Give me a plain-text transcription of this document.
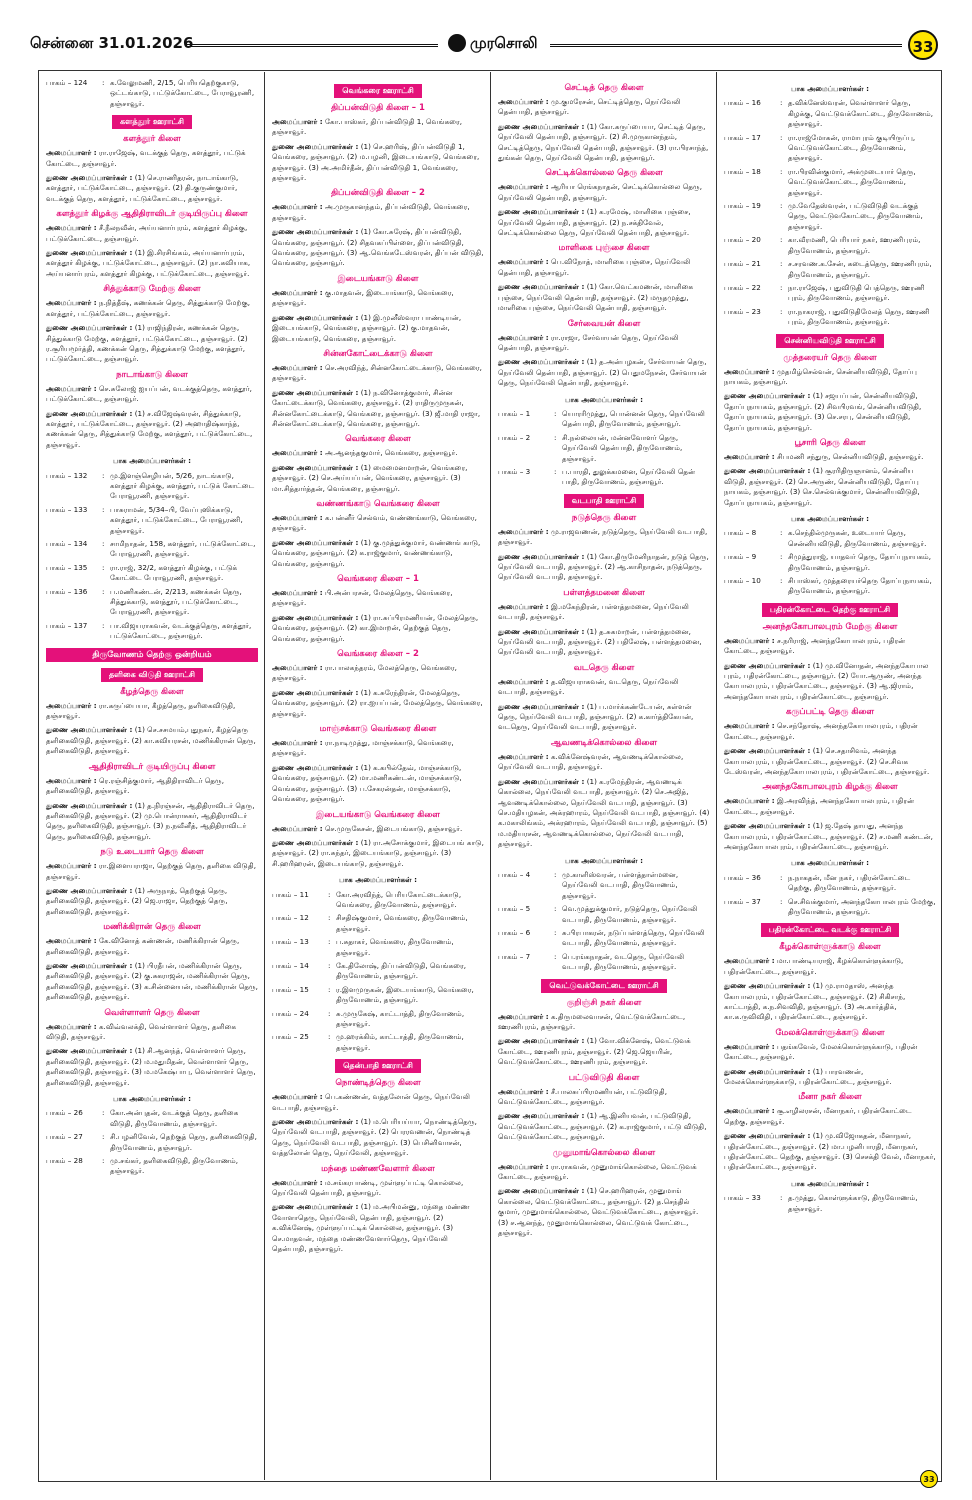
சென்னை 31.01.2026	முரசொலி	33
பாகம் – 124	: க.வேலுமணி, 2/15, பெரியதெற்குகாடு, ஒட்டங்காடு, பட்டுக்கோட்டை, பேராவூரணி, தஞ்சாவூர்.
களத்தூர் ஊராட்சி
களத்தூர் கிளை
அமைப்பாளர் : ரா.ராஜேஷ், வடக்குத் தெரு, களத்தூர், பட்டுக் கோட்டை, தஞ்சாவூர்.
துணை அமைப்பாளர்கள் : (1) செ.ராணிதரன், நாடாங்காடு, களத்தூர், பட்டுக்கோட்டை, தஞ்சாவூர். (2) தி.குருண்குமார், வடக்குத் தெரு, களத்தூர், பட்டுக்கோட்டை, தஞ்சாவூர்.
களத்தூர் கிழக்கு ஆதிதிராவிடர் குடியிருப்பு கிளை
அமைப்பாளர் : சீ.நீலநவீன், அய்யனார்புரம், களத்தூர் கிழக்கு, பட்டுக்கோட்டை, தஞ்சாவூர்.
துணை அமைப்பாளர்கள் : (1) இ.சிரசிங்கம், அய்யனார்புரம், களத்தூர் கிழக்கு, பட்டுக்கோட்டை, தஞ்சாவூர். (2) நா.கவியாக, அய்யனார்புரம், களத்தூர் கிழக்கு, பட்டுக்கோட்டை, தஞ்சாவூர்.
சித்துக்காடு மேற்கு கிளை
அமைப்பாளர் : ந.நித்தீஷ், கணக்கன் தெரு, சித்துக்காடு மேற்கு, களத்தூர், பட்டுக்கோட்டை, தஞ்சாவூர்.
துணை அமைப்பாளர்கள் : (1) ராஜிந்திரன், கணக்கன் தெரு, சித்துக்காடு மேற்கு, களத்தூர், பட்டுக்கோட்டை, தஞ்சாவூர். (2) ர.சூரியமூர்த்தி, கணக்கன் தெரு, சித்துக்காடு மேற்கு, களத்தூர், பட்டுக்கோட்டை, தஞ்சாவூர்.
நாடாங்காடு கிளை
அமைப்பாளர் : செ.சுலோஜ் ஐயப்பன், வடக்குத்தெரு, களத்தூர், பட்டுக்கோட்டை, தஞ்சாவூர்.
துணை அமைப்பாளர்கள் : (1) ச.விஜேஷ்வரன், சித்துக்காடு, களத்தூர், பட்டுக்கோட்டை, தஞ்சாவூர். (2) அஹாதிஷ்காந்த், கணக்கன் தெரு, சித்துக்காடு மேற்கு, களத்தூர், பட்டுக்கோட்டை, தஞ்சாவூர்.
பாக அமைப்பாளர்கள் :
பாகம் – 132	: மு.இளஞ்செழியன், 5/26, நாடங்காடு, களத்தூர் கிழக்கு, களத்தூர், பட்டுக் கோட்டை பேராவூரணி, தஞ்சாவூர்.
பாகம் – 133	: பாசுராமன், 5/34–பி, வேப்புஸிக்காடு, களத்தூர், பட்டுக்கோட்டை, பேராவூரணி, தஞ்சாவூர்.
பாகம் – 134	: சாமிநாதன், 158, களத்தூர், பட்டுக்கோட்டை, பேராவூரணி, தஞ்சாவூர்.
பாகம் – 135	: ரா.ராஜ், 32/2, களத்தூர் கிழக்கு, பட்டுக் கோட்டை பேராவூரணி, தஞ்சாவூர்.
பாகம் – 136	: ப.மணிகண்டன், 2/213, கணக்கன் தெரு, சித்துக்காடு, களத்தூர், பட்டுக்கோட்டை, பேராவூரணி, தஞ்சாவூர்.
பாகம் – 137	: பா.விஜயராகவன், வடக்குத்தெரு, களத்தூர், பட்டுக்கோட்டை, தஞ்சாவூர்.
திருவோணம் தெற்கு ஒன்றியம்
தளிகை விடுதி ஊராட்சி
கீழத்தெரு கிளை
அமைப்பாளர் : ரா.கருப்பையா, கீழத்தெரு, தளிகைவிடுதி, தஞ்சாவூர்.
துணை அமைப்பாளர்கள் : (1) செ.சசமயம்,புதுநகர், கீழத்தெரு தளிகைவிடுதி, தஞ்சாவூர். (2) கா.கவியரசன், மணிக்கிரான் தெரு, தளிகைவிடுதி, தஞ்சாவூர்.
ஆதிதிராவிடர் குடியிருப்பு கிளை
அமைப்பாளர் : ரெ.ரஞ்சித்குமார், ஆதிதிராவிடர் தெரு, தளிகைவிடுதி, தஞ்சாவூர்.
துணை அமைப்பாளர்கள் : (1) த.நிரஞ்சன், ஆதிதிராவிடர் தெரு, தளிகைவிடுதி, தஞ்சாவூர். (2) மு.பொன்ராசுகர், ஆதிதிராவிடர் தெரு, தளிகைவிடுதி, தஞ்சாவூர். (3) ந.நவீனீத், ஆதிதிராவிடர் தெரு, தளிகைவிடுதி, தஞ்சாவூர்.
நடு உடையார் தெரு கிளை
அமைப்பாளர் : ரா.இளையராஜா, தெற்குத் தெரு, தளிகை விடுதி, தஞ்சாவூர்.
துணை அமைப்பாளர்கள் : (1) அருநாத், தெற்குத் தெரு, தளிகைவிடுதி, தஞ்சாவூர். (2) ஜெ.ராஜா, தெற்குத் தெரு, தளிகைவிடுதி, தஞ்சாவூர்.
மணிக்கிரான் தெரு கிளை
அமைப்பாளர் : கே.வினோத் கண்ணன், மணிக்கிரான் தெரு, தளிகைவிடுதி, தஞ்சாவூர்.
துணை அமைப்பாளர்கள் : (1) பிரதீபன், மணிக்கிரான் தெரு, தளிகைவிடுதி, தஞ்சாவூர். (2) கு.சுகராஜன், மணிக்கிரான் தெரு, தளிகைவிடுதி, தஞ்சாவூர். (3) க.சின்னையன், மணிக்கிரான் தெரு, தளிகைவிடுதி, தஞ்சாவூர்.
வெள்ளாளர் தெரு கிளை
அமைப்பாளர் : க.விவ்வலக்தி, வெள்ளாளர் தெரு, தளிகை விடுதி, தஞ்சாவூர்.
துணை அமைப்பாளர்கள் : (1) சி.ஆனந்த், வெள்ளாளர் தெரு, தளிகைவிடுதி, தஞ்சாவூர். (2) ம.மதுமிதன், வெள்ளாளர் தெரு, தளிகைவிடுதி, தஞ்சாவூர். (3) ம.மகேஷ்பாபு, வெள்ளாளர் தெரு, தளிகைவிடுதி, தஞ்சாவூர்.
பாக அமைப்பாளர்கள் :
பாகம் – 26	: கோ.அன்புதன், வடக்குத் தெரு, தளிகை விடுதி, திருவோணம், தஞ்சாவூர்.
பாகம் – 27	: சி.பழனிவேல், தெற்குத் தெரு, தளிகைவிடுதி, திருவோணம், தஞ்சாவூர்.
பாகம் – 28	: மு.சங்கர், தளிகைவிடுதி, திருவோணம், தஞ்சாவூர்.
வெங்கரை ஊராட்சி
திப்பன்விடுதி கிளை – 1
அமைப்பாளர் : கோ.பாஸ்கர், திப்பன்விடுதி 1, வெங்கரை, தஞ்சாவூர்.
துணை அமைப்பாளர்கள் : (1) செ.ஹரிஷ், திப்பன்விடுதி 1, வெங்கரை, தஞ்சாவூர். (2) ம.பழனி, இடையங்காடு, வெங்கரை, தஞ்சாவூர். (3) அ.அமிர்தீன், திப்பன்விடுதி 1, வெங்கரை, தஞ்சாவூர்.
திப்பன்விடுதி கிளை – 2
அமைப்பாளர் : அ.முருகானந்தம், திப்பன்விடுதி, வெங்கரை, தஞ்சாவூர்.
துணை அமைப்பாளர்கள் : (1) கோ.சுரேஷ், திப்பன்விடுதி, வெங்கரை, தஞ்சாவூர். (2) சிதவகப்பிள்ளை, திப்பன்விடுதி, வெங்கரை, தஞ்சாவூர். (3) ஆ.வெங்கடேஸ்வரன், திப்பன் விடுதி, வெங்கரை, தஞ்சாவூர்.
இடையங்காடு கிளை
அமைப்பாளர் : கு.மாதவன், இடையங்காடு, வெங்கரை, தஞ்சாவூர்.
துணை அமைப்பாளர்கள் : (1) இ.முனீஸ்வரா பாண்டியன், இடையங்காடு, வெங்கரை, தஞ்சாவூர். (2) கு.மாதவன், இடையங்காடு, வெங்கரை, தஞ்சாவூர்.
சின்னகோட்டைக்காடு கிளை
அமைப்பாளர் : செ.அரவிந்த், சின்னகோட்டைக்காடு, வெங்கரை, தஞ்சாவூர்.
துணை அமைப்பாளர்கள் : (1) ந.வினோத்குமார், சின்ன கோட்டைக்காடு, வெங்கரை, தஞ்சாவூர். (2) ராதிருமுருகன், சின்னகோட்டைக்காடு, வெங்கரை, தஞ்சாவூர். (3) ஜீ.மாதி ராஜா, சின்னகோட்டைக்காடு, வெங்கரை, தஞ்சாவூர்.
வெங்கரை கிளை
அமைப்பாளர் : அ.ஆனந்தகுமார், வெங்கரை, தஞ்சாவூர்.
துணை அமைப்பாளர்கள் : (1) மைமைனமாறன், வெங்கரை, தஞ்சாவூர். (2) செ.அய்யப்பன், வெங்கரை, தஞ்சாவூர். (3) மா.சித்தார்த்தன், வெங்கரை, தஞ்சாவூர்.
வண்ணங்காடு வெங்கரை கிளை
அமைப்பாளர் : க.பன்னீர் செல்வம், வண்ணங்காடு, வெங்கரை, தஞ்சாவூர்.
துணை அமைப்பாளர்கள் : (1) கு.முத்துக்குமார், வண்ணங் காடு, வெங்கரை, தஞ்சாவூர். (2) க.ராஜ்குமார், வண்ணங்காடு, வெங்கரை, தஞ்சாவூர்.
வெங்கரை கிளை – 1
அமைப்பாளர் : பி.அன்பரசன், மேலத்தெரு, வெங்கரை, தஞ்சாவூர்.
துணை அமைப்பாளர்கள் : (1) ரா.சுப்பிரமணியன், மேலத்தெரு, வெங்கரை, தஞ்சாவூர். (2) கா.இமாறன், தெற்குத் தெரு, வெங்கரை, தஞ்சாவூர்.
வெங்கரை கிளை – 2
அமைப்பாளர் : ரா.பாலகந்தரம், மேலத்தெரு, வெங்கரை, தஞ்சாவூர்.
துணை அமைப்பாளர்கள் : (1) க.சுரேந்திரன், மேலத்தெரு, வெங்கரை, தஞ்சாவூர். (2) ரா.ஐயப்பன், மேலத்தெரு, வெங்கரை, தஞ்சாவூர்.
மாஞ்சக்காடு வெங்கரை கிளை
அமைப்பாளர் : ரா.நாடிமுத்து, மாஞ்சக்காடு, வெங்கரை, தஞ்சாவூர்.
துணை அமைப்பாளர்கள் : (1) க.கபில்தேவ், மாஞ்சக்காடு, வெங்கரை, தஞ்சாவூர். (2) மா.மணிகண்டன், மாஞ்சக்காடு, வெங்கரை, தஞ்சாவூர். (3) ப.சேகரன்தன், மாஞ்சக்காடு, வெங்கரை, தஞ்சாவூர்.
இடையங்காடு வெங்கரை கிளை
அமைப்பாளர் : செ.முருகேசன், இடையங்காடு, தஞ்சாவூர்.
துணை அமைப்பாளர்கள் : (1) ரா.அசோக்குமார், இடையங் காடு, தஞ்சாவூர். (2) ரா.சுந்தர், இடையங்காடு, தஞ்சாவூர். (3) சி.ஹரிஹரன், இடையங்காடு, தஞ்சாவூர்.
பாக அமைப்பாளர்கள் :
பாகம் – 11	: கோ.அரவிந்த், பெரியகோட்டைக்காடு, வெங்கரை, திருவோணம், தஞ்சாவூர்.
பாகம் – 12	: சிசதிஷ்குமார், வெங்கரை, திருவோணம், தஞ்சாவூர்.
பாகம் – 13	: ப.சுதாகர், வெங்கரை, திருவோணம், தஞ்சாவூர்.
பாகம் – 14	: கே.திலோஷ், திப்பன்விடுதி, வெங்கரை, திருவோணம், தஞ்சாவூர்.
பாகம் – 15	: ர.இளமுருகன், இடையங்காடு, வெங்கரை, திருவோணம், தஞ்சாவூர்.
பாகம் – 24	: சு.முருகேஷ், காட்டாத்தி, திருவோணம், தஞ்சாவூர்.
பாகம் – 25	: மு.ஹரக்கிம், காட்டாத்தி, திருவோணம், தஞ்சாவூர்.
தென்பாதி ஊராட்சி
நொண்டித்தெரு கிளை
அமைப்பாளர் : பெ.கண்ணன், வத்தலோன் தெரு, நெய்வேலி வடபாதி, தஞ்சாவூர்.
துணை அமைப்பாளர்கள் : (1) ம.பெரியய்யா, நொண்டித்தெரு, நெய்வேலி வடபாதி, தஞ்சாவூர். (2) பெரரவணன், நொண்டித் தெரு, நெய்வேலி வடபாதி, தஞ்சாவூர். (3) பெசினிவாசன், வத்தலோன் தெரு, நெய்வேலி, தஞ்சாவூர்.
மந்தை மண்ணவேளார் கிளை
அமைப்பாளர் : ம.சங்கரபாண்டி, முள்ளுப்பட்டி கொல்லை, நெய்வேலி தென்பாதி, தஞ்சாவூர்.
துணை அமைப்பாளர்கள் : (1) ம.அபிமன்னு, மந்தை மண்ண வோளாதெரு, நெய்வேலி, தென்பாதி, தஞ்சாவூர். (2) க.விக்னேஷ், முள்ளுப்பட்டிக் கொல்லை, தஞ்சாவூர். (3) செ.மாதவன், மந்தை மண்ணவேளார்தெரு, நெய்வேலி தென்பாதி, தஞ்சாவூர்.
செட்டித் தெரு கிளை
அமைப்பாளர் : மு.குமரேசன், செட்டித்தெரு, நெய்வேலி தென்பாதி, தஞ்சாவூர்.
துணை அமைப்பாளர்கள் : (1) கோ.கருப்பையா, செட்டித் தெரு, நெய்வேலி தென்பாதி, தஞ்சாவூர். (2) சி.முருகானந்தம், செட்டித்தெரு, நெய்வேலி தென்பாதி, தஞ்சாவூர். (3) ரா.பிரசாந்த், துங்கன் தெரு, நெய்வேலி தென்பாதி, தஞ்சாவூர்.
செட்டிக்கொல்லை தெரு கிளை
அமைப்பாளர் : ஆரியா ரெங்கநாதன், செட்டிக்கொல்லை தெரு, நெய்வேலி தென்பாதி, தஞ்சாவூர்.
துணை அமைப்பாளர்கள் : (1) க.ரமேஷ், மாளிகை புஞ்சை, நெய்வேலி தென்பாதி, தஞ்சாவூர். (2) ந.சக்திவேல், செட்டிக்கொல்லை தெரு, நெய்வேலி தென்பாதி, தஞ்சாவூர்.
மாளிகை புஞ்சை கிளை
அமைப்பாளர் : பெ.விநோத், மாளிகை புஞ்சை, நெய்வேலி தென்பாதி, தஞ்சாவூர்.
துணை அமைப்பாளர்கள் : (1) கோ.வெட்கமணன், மாளிகை புஞ்சை, நெய்வேலி தென்பாதி, தஞ்சாவூர். (2) மருதமுத்து, மாளிகை புஞ்சை, நெய்வேலி தென்பாதி, தஞ்சாவூர்.
சேர்வையன் கிளை
அமைப்பாளர் : ரா.ராஜா, சேர்வாயன் தெரு, நெய்வேலி தென்பாதி, தஞ்சாவூர்.
துணை அமைப்பாளர்கள் : (1) த.அன்பழகன், சேர்வாயன் தெரு, நெய்வேலி தென்பாதி, தஞ்சாவூர். (2) பெதுமநேசன், சேர்வாயன் தெரு, நெய்வேலி தென்பாதி, தஞ்சாவூர்.
பாக அமைப்பாளர்கள் :
பாகம் – 1	: யொரரிமுத்து, பொன்னன் தெரு, நெய்வேலி தென்பாதி, திருவோணம், தஞ்சாவூர்.
பாகம் – 2	: சி.நல்லையன், மன்னவோளர் தெரு, நெய்வேலி தென்பாதி, திருவோணம், தஞ்சாவூர்.
பாகம் – 3	: ப.பாரதி, துலுக்கமனை, நெய்வேலி தென் பாதி, திருவோணம், தஞ்சாவூர்.
வடபாதி ஊராட்சி
நடுத்தெரு கிளை
அமைப்பாளர் : மு.ராஜவணன், நடுத்தெரு, நெய்வேலி வடபாதி, தஞ்சாவூர்.
துணை அமைப்பாளர்கள் : (1) கோ.திருமேனிநாதன், நடுத் தெரு, நெய்வேலி வடபாதி, தஞ்சாவூர். (2) ஆ.காசிநாதன், நடுத்தெரு, நெய்வேலி வடபாதி, தஞ்சாவூர்.
பள்ளத்தமனை கிளை
அமைப்பாளர் : இ.மகேந்திரன், பள்ளத்தமனை, நெய்வேலி வடபாதி, தஞ்சாவூர்.
துணை அமைப்பாளர்கள் : (1) த.சுகமாறன், பள்ளத்தமனை, நெய்வேலி வடபாதி, தஞ்சாவூர். (2) பதிலேஷ், பள்ளத்தமனை, நெய்வேலி வடபாதி, தஞ்சாவூர்.
வடதெரு கிளை
அமைப்பாளர் : த.விஜயராகவன், வடதெரு, நெய்வேலி வடபாதி, தஞ்சாவூர்.
துணை அமைப்பாளர்கள் : (1) ப.மார்க்கண்டேயன், சுள்ளன் தெரு, நெய்வேலி வடபாதி, தஞ்சாவூர். (2) க.கார்த்திகேயன், வடதெரு, நெய்வேலி வடபாதி, தஞ்சாவூர்.
ஆவணடிக்கொல்லை கிளை
அமைப்பாளர் : க.விக்னேஷ்வரன், ஆவணடிக்கொல்லை, நெய்வேலி வடபாதி, தஞ்சாவூர்.
துணை அமைப்பாளர்கள் : (1) க.ரமேந்திரன், ஆவணடிக் கொல்லை, நெய்வேலி வடபாதி, தஞ்சாவூர். (2) செ.அஜித், ஆவணடிக்கொல்லை, நெய்வேலி வடபாதி, தஞ்சாவூர். (3) செ.மதியழகன், அக்ரஹாரம், நெய்வேலி வடபாதி, தஞ்சாவூர். (4) க.மகாலிங்கம், அக்ரஹாரம், நெய்வேலி வடபாதி, தஞ்சாவூர். (5) ம.மதியரசன், ஆவணடிக்கொல்லை, நெய்வேலி வடபாதி, தஞ்சாவூர்.
பாக அமைப்பாளர்கள் :
பாகம் – 4	: மு.காளிஸ்வரன், பள்ளத்தாள்மனை, நெய்வேலி வடபாதி, திருவோணம், தஞ்சாவூர்.
பாகம் – 5	: வெ.முத்துக்குமார், நடுத்தெரு, நெய்வேலி வடபாதி, திருவோணம், தஞ்சாவூர்.
பாகம் – 6	: சு.பிரபாகரன், நடுப்பள்ளத்தெரு, நெய்வேலி வடபாதி, திருவோணம், தஞ்சாவூர்.
பாகம் – 7	: பெ.ரங்கநாதன், வடதெரு, நெய்வேலி வடபாதி, திருவோணம், தஞ்சாவூர்.
வெட்டுவக்கோட்டை ஊராட்சி
குறிஞ்சி நகர் கிளை
அமைப்பாளர் : க.திருமலைவாசன், வெட்டுவக்கோட்டை, ஊரணிபுரம், தஞ்சாவூர்.
துணை அமைப்பாளர்கள் : (1) வோ.விக்னேஷ், வெட்டுவக் கோட்டை, ஊரணிபுரம், தஞ்சாவூர். (2) ஜெ.ஜெயரின், வெட்டுவக்கோட்டை, ஊரணிபுரம், தஞ்சாவூர்.
பட்டுவிடுதி கிளை
அமைப்பாளர் : சீ.பாலசுப்பிரமணியன், பட்டுவிடுதி, வெட்டுவக்கோட்டை, தஞ்சாவூர்.
துணை அமைப்பாளர்கள் : (1) ஆ.இனியவன், பட்டுவிடுதி, வெட்டுவக்கோட்டை, தஞ்சாவூர். (2) க.ராஜ்குமார், பட்டு விடுதி, வெட்டுவக்கோட்டை, தஞ்சாவூர்.
முனுமாங்கொல்லை கிளை
அமைப்பாளர் : ரா.ராகவன், முனுமாங்கொல்லை, வெட்டுவக் கோட்டை, தஞ்சாவூர்.
துணை அமைப்பாளர்கள் : (1) செ.ஹரிஹரன், முனுமாங் கொல்லை, வெட்டுவக்கோட்டை, தஞ்சாவூர். (2) த.செந்தில் குமார், முனுமாங்கொல்லை, வெட்டுவக்கோட்டை, தஞ்சாவூர். (3) ச.ஆனந்த், முனுமாங்கொல்லை, வெட்டுவக் கோட்டை, தஞ்சாவூர்.
பாக அமைப்பாளர்கள் :
பாகம் – 16	: த.விக்னேஸ்வரன், வெள்ளாளர் தெரு, கிழக்கு, வெட்டுவக்கோட்டை, திருவோணம், தஞ்சாவூர்.
பாகம் – 17	: ரா.ராஜ்மோகன், ராமாபுரம் குடியிருப்பு, வெட்டுவக்கோட்டை, திருவோணம், தஞ்சாவூர்.
பாகம் – 18	: ரா.பிரவின்குமார், அக்முடையார் தெரு, வெட்டுவக்கோட்டை, திருவோணம், தஞ்சாவூர்.
பாகம் – 19	: மு.வேதேஸ்வரன், பட்டுவிடுதி வடக்குத் தெரு, வெட்டுவகோட்டை, திருவோணம், தஞ்சாவூர்.
பாகம் – 20	: கா.வீரமணி, பெரியார் நகர், ஊரணிபுரம், திருவோணம், தஞ்சாவூர்.
பாகம் – 21	: ச.சரவண.க.சேன், கடைத்தெரு, ஊரணிபுரம், திருவோணம், தஞ்சாவூர்.
பாகம் – 22	: நா.ராஜேஷ், புதுவிடுதி பெத்தெரு, ஊரணி புரம், திருவோணம், தஞ்சாவூர்.
பாகம் – 23	: ரா.நாகராஜ், புதுவிடுதிமேலத் தெரு, ஊரணி புரம், திருவோணம், தஞ்சாவூர்.
சென்னியவிடுதி ஊராட்சி
முத்தரையர் தெரு கிளை
அமைப்பாளர் : முதமிழ்செல்வன், சென்னியவிடுதி, தோப்பு நாயகம், தஞ்சாவூர்.
துணை அமைப்பாளர்கள் : (1) சஜயப்பன், சென்னியவிடுதி, தோப்புநாயகம், தஞ்சாவூர். (2) சிவபிரவங், சென்னியவிடுதி, தோப்புநாயகம், தஞ்சாவூர். (3) செ.சரபு, சென்னியவிடுதி, தோப்புநாயகம், தஞ்சாவூர்.
பூசாரி தெரு கிளை
அமைப்பாளர் : சிபமணி சந்துரு, சென்னியவிடுதி, தஞ்சாவூர்.
துணை அமைப்பாளர்கள் : (1) சூரரிதிருஞானம், சென்னிய விடுதி, தஞ்சாவூர். (2) செ.அருண், சென்னியவிடுதி, தோப்பு நாயகம், தஞ்சாவூர். (3) செ.செல்வக்குமார், சென்னியவிடுதி, தோப்புநாயகம், தஞ்சாவூர்.
பாக அமைப்பாளர்கள் :
பாகம் – 8	: க.செந்தில்முருகன், உடையார் தெரு, சென்னியவிடுதி, திருவோணம், தஞ்சாவூர்.
பாகம் – 9	: சிமுத்துராஜ், யாதவர் தெரு, தோப்புநாயகம், திருவோணம், தஞ்சாவூர்.
பாகம் – 10	: சிபாஸ்கர், முத்தரையர்தெரு தோப்புநாயகம், திருவோணம், தஞ்சாவூர்.
பதிரன்கோட்டை தெற்கு ஊராட்சி
அனந்தகோபாலபுரம் மேற்கு கிளை
அமைப்பாளர் : ச.நரிராஜ், அனந்தகோபாலபுரம், பதிரன் கோட்டை, தஞ்சாவூர்.
துணை அமைப்பாளர்கள் : (1) மு.வினோதன், அனந்தகோபால புரம், பதிரன்கோட்டை, தஞ்சாவூர். (2) யோ.ஆருண், அனந்த கோபாலபுரம், பதிரன்கோட்டை, தஞ்சாவூர். (3) ஆ.ஜிராம், அனந்தகோபாலபுரம், பதிரன்கோட்டை, தஞ்சாவூர்.
கருப்பட்டி தெரு கிளை
அமைப்பாளர் : செ.சந்தோஷ், அனந்தகோபாலபுரம், பதிரன் கோட்டை, தஞ்சாவூர்.
துணை அமைப்பாளர்கள் : (1) செ.சதாசிவம், அனந்த கோபாலபுரம், பதிரன்கோட்டை, தஞ்சாவூர். (2) செ.சிவக டேஸ்வரன், அனந்தகோபாலபுரம், பதிரன்கோட்டை, தஞ்சாவூர்.
அனந்தகோபாலபுரம் கிழக்கு கிளை
அமைப்பாளர் : இ.அரவிந்த், அனந்தகோபாலபுரம், பதிரன் கோட்டை, தஞ்சாவூர்.
துணை அமைப்பாளர்கள் : (1) ஜ.தேஷ் தாயது, அனந்த கோபாலபுரம், பதிரன்கோட்டை, தஞ்சாவூர். (2) ச.மணி கண்டன், அனந்தகோபாலபுரம், பதிரன்கோட்டை, தஞ்சாவூர்.
பாக அமைப்பாளர்கள் :
பாகம் – 36	: ந.நாகதன், மீன நகர், பதிரன்கோட்டை தெற்கு, திருவோணம், தஞ்சாவூர்.
பாகம் – 37	: செ.சிவக்குமார், அனந்தகோபாலபுரம் மேற்கு, திருவோணம், தஞ்சாவூர்.
பதிரன்கோட்டை வடக்கு ஊராட்சி
கீழக்கொள்ளுக்காடு கிளை
அமைப்பாளர் : மா.பாண்டியராஜ், கீழக்கொள்ளுக்காடு, பதிரன்கோட்டை, தஞ்சாவூர்.
துணை அமைப்பாளர்கள் : (1) மு.ராமதாஸ், அனந்த கோபாலபுரம், பதிரன்கோட்டை, தஞ்சாவூர். (2) சிகிசாந், காட்டாத்தி, க.ந.சிவவிதி, தஞ்சாவூர். (3) அ.கார்த்திக், கா.க.ருவிவிதி, பதிரன்கோட்டை, தஞ்சாவூர்.
மேலக்கொள்ளுக்காடு கிளை
அமைப்பாளர் : பதங்கவேல், மேலக்கொள்ளுக்காடு, பதிரன் கோட்டை, தஞ்சாவூர்.
துணை அமைப்பாளர்கள் : (1) பாரவணன், மேலக்கொள்ளுக்காடு, பதிரன்கோட்டை, தஞ்சாவூர்.
மீனா நகர் கிளை
அமைப்பாளர் : சூ.எழிலரசன், மீனாநகர், பதிரன்கோட்டை தெற்கு, தஞ்சாவூர்.
துணை அமைப்பாளர்கள் : (1) மு.விஜோகதன், மீனாநகர், பதிரன்கோட்டை, தஞ்சாவூர். (2) மா.பழனிபாரதி, மீனாநகர், பதிரன்கோட்டை தெற்கு, தஞ்சாவூர். (3) செசக்தி வேல், மீனாநகர், பதிரன்கோட்டை, தஞ்சாவூர்.
பாக அமைப்பாளர்கள் :
பாகம் – 33	: த.முத்து, கொள்ளுக்காடு, திருவோணம், தஞ்சாவூர்.
33
